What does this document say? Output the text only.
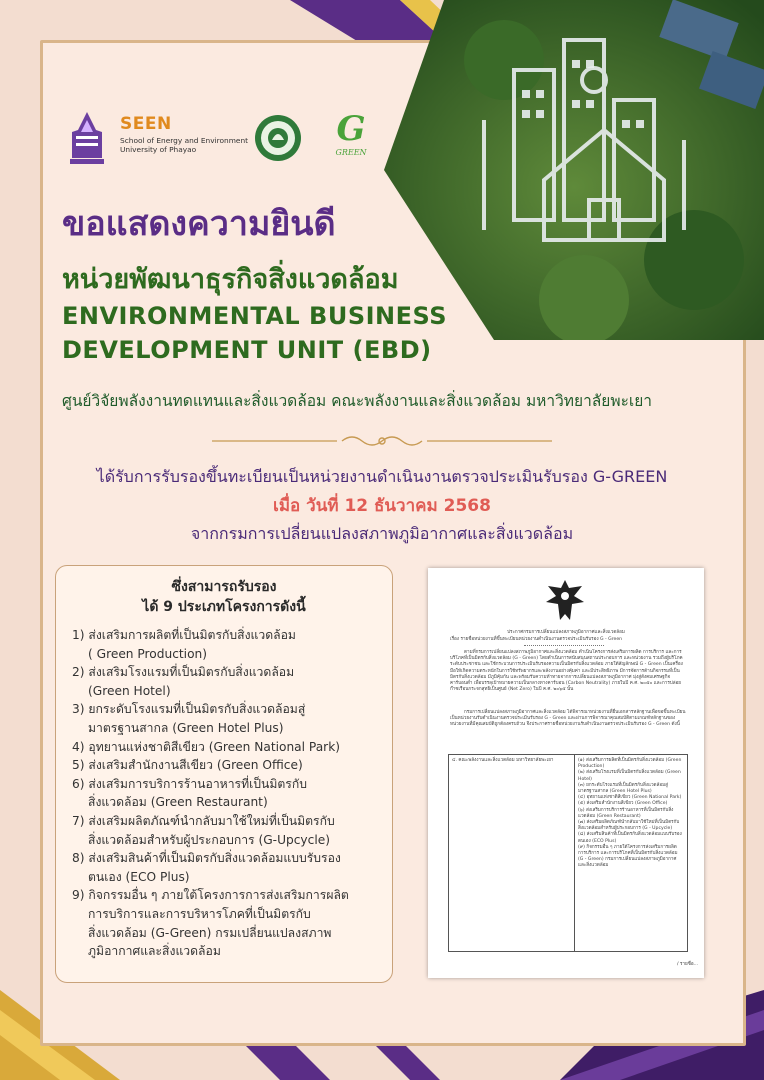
SEEN
School of Energy and Environment
University of Phayao
G
GREEN
ขอแสดงความยินดี
หน่วยพัฒนาธุรกิจสิ่งแวดล้อม
ENVIRONMENTAL BUSINESS
DEVELOPMENT UNIT (EBD)
ศูนย์วิจัยพลังงานทดแทนและสิ่งแวดล้อม คณะพลังงานและสิ่งแวดล้อม มหาวิทยาลัยพะเยา
ได้รับการรับรองขึ้นทะเบียนเป็นหน่วยงานดำเนินงานตรวจประเมินรับรอง G-GREEN
เมื่อ วันที่ 12 ธันวาคม 2568
จากกรมการเปลี่ยนแปลงสภาพภูมิอากาศและสิ่งแวดล้อม
ซึ่งสามารถรับรอง
ได้ 9 ประเภทโครงการดังนี้
1) ส่งเสริมการผลิตที่เป็นมิตรกับสิ่งแวดล้อม
( Green Production)
2) ส่งเสริมโรงแรมที่เป็นมิตรกับสิ่งแวดล้อม
(Green Hotel)
3) ยกระดับโรงแรมที่เป็นมิตรกับสิ่งแวดล้อมสู่
มาตรฐานสากล (Green Hotel Plus)
4) อุทยานแห่งชาติสีเขียว (Green National Park)
5) ส่งเสริมสำนักงานสีเขียว (Green Office)
6) ส่งเสริมการบริการร้านอาหารที่เป็นมิตรกับ
สิ่งแวดล้อม (Green Restaurant)
7) ส่งเสริมผลิตภัณฑ์นำกลับมาใช้ใหม่ที่เป็นมิตรกับ
สิ่งแวดล้อมสำหรับผู้ประกอบการ (G-Upcycle)
8) ส่งเสริมสินค้าที่เป็นมิตรกับสิ่งแวดล้อมแบบรับรอง
ตนเอง (ECO Plus)
9) กิจกรรมอื่น ๆ ภายใต้โครงการการส่งเสริมการผลิต
การบริการและการบริหารโภคที่เป็นมิตรกับ
สิ่งแวดล้อม (G-Green) กรมเปลี่ยนแปลงสภาพ
ภูมิอากาศและสิ่งแวดล้อม
ประกาศกรมการเปลี่ยนแปลงสภาพภูมิอากาศและสิ่งแวดล้อม
เรื่อง รายชื่อหน่วยงานที่ขึ้นทะเบียนหน่วยงานดำเนินงานตรวจประเมินรับรอง G - Green
ตามที่กรมการเปลี่ยนแปลงสภาพภูมิอากาศและสิ่งแวดล้อม ดำเนินโครงการส่งเสริมการผลิต การบริการ และการบริโภคที่เป็นมิตรกับสิ่งแวดล้อม (G - Green) โดยดำเนินการสนับสนุนสถานประกอบการ และหน่วยงาน รวมถึงผู้บริโภคระดับประชาชน และใช้กระบวนการประเมินรับรองความเป็นมิตรกับสิ่งแวดล้อม ภายใต้สัญลักษณ์ G - Green เป็นเครื่องมือให้เกิดความตระหนักในการใช้ทรัพยากรและพลังงานอย่างคุ้มค่า และมีประสิทธิภาพ มีการจัดการด้านกิจกรรมที่เป็นมิตรกับสิ่งแวดล้อม มีภูมิคุ้มกัน และพร้อมรับความท้าทายจากการเปลี่ยนแปลงสภาพภูมิอากาศ มุ่งสู่สังคมเศรษฐกิจคาร์บอนต่ำ เพื่อบรรลุเป้าหมายความเป็นกลางทางคาร์บอน (Carbon Neutrality) ภายในปี ค.ศ. ๒๐๕๐ และการปล่อยก๊าซเรือนกระจกสุทธิเป็นศูนย์ (Net Zero) ในปี ค.ศ. ๒๐๖๕ นั้น
กรมการเปลี่ยนแปลงสภาพภูมิอากาศและสิ่งแวดล้อม ได้พิจารณาหน่วยงานที่ยื่นเอกสารหลักฐานเพื่อขอขึ้นทะเบียนเป็นหน่วยงานรับดำเนินงานตรวจประเมินรับรอง G - Green และผ่านการพิจารณาคุณสมบัติตามเกณฑ์หลักฐานของหน่วยงานที่มีคุณสมบัติถูกต้องครบถ้วน จึงประกาศรายชื่อหน่วยงานรับดำเนินงานตรวจประเมินรับรอง G - Green ดังนี้
๔. คณะพลังงานและสิ่งแวดล้อม มหาวิทยาลัยพะเยา	(๑) ส่งเสริมการผลิตที่เป็นมิตรกับสิ่งแวดล้อม (Green Production)
(๒) ส่งเสริมโรงแรมที่เป็นมิตรกับสิ่งแวดล้อม (Green Hotel)
(๓) ยกระดับโรงแรมที่เป็นมิตรกับสิ่งแวดล้อมสู่มาตรฐานสากล (Green Hotel Plus)
(๔) อุทยานแห่งชาติสีเขียว (Green National Park)
(๕) ส่งเสริมสำนักงานสีเขียว (Green Office)
(๖) ส่งเสริมการบริการร้านอาหารที่เป็นมิตรกับสิ่งแวดล้อม (Green Restaurant)
(๗) ส่งเสริมผลิตภัณฑ์นำกลับมาใช้ใหม่ที่เป็นมิตรกับสิ่งแวดล้อมสำหรับผู้ประกอบการ (G - Upcycle)
(๘) ส่งเสริมสินค้าที่เป็นมิตรกับสิ่งแวดล้อมแบบรับรองตนเอง (ECO Plus)
(๙) กิจกรรมอื่น ๆ ภายใต้โครงการส่งเสริมการผลิต การบริการ และการบริโภคที่เป็นมิตรกับสิ่งแวดล้อม (G - Green) กรมการเปลี่ยนแปลงสภาพภูมิอากาศและสิ่งแวดล้อม
/ รายชื่อ...
